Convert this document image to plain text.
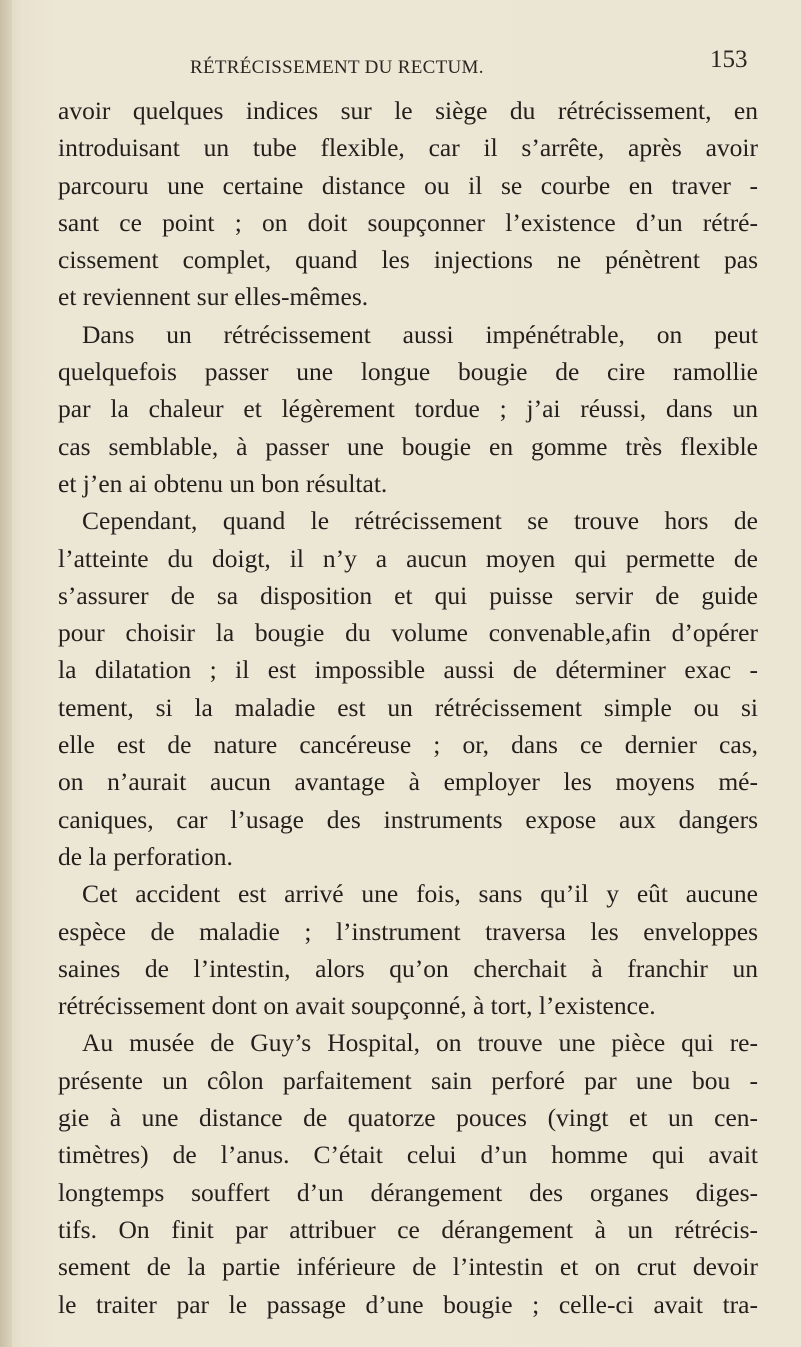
RÉTRÉCISSEMENT DU RECTUM.	153
avoir quelques indices sur le siège du rétrécissement, en
introduisant un tube flexible, car il s’arrête, après avoir
parcouru une certaine distance ou il se courbe en traver -
sant ce point ; on doit soupçonner l’existence d’un rétré-
cissement complet, quand les injections ne pénètrent pas
et reviennent sur elles-mêmes.
Dans un rétrécissement aussi impénétrable, on peut
quelquefois passer une longue bougie de cire ramollie
par la chaleur et légèrement tordue ; j’ai réussi, dans un
cas semblable, à passer une bougie en gomme très flexible
et j’en ai obtenu un bon résultat.
Cependant, quand le rétrécissement se trouve hors de
l’atteinte du doigt, il n’y a aucun moyen qui permette de
s’assurer de sa disposition et qui puisse servir de guide
pour choisir la bougie du volume convenable,afin d’opérer
la dilatation ; il est impossible aussi de déterminer exac -
tement, si la maladie est un rétrécissement simple ou si
elle est de nature cancéreuse ; or, dans ce dernier cas,
on n’aurait aucun avantage à employer les moyens mé-
caniques, car l’usage des instruments expose aux dangers
de la perforation.
Cet accident est arrivé une fois, sans qu’il y eût aucune
espèce de maladie ; l’instrument traversa les enveloppes
saines de l’intestin, alors qu’on cherchait à franchir un
rétrécissement dont on avait soupçonné, à tort, l’existence.
Au musée de Guy’s Hospital, on trouve une pièce qui re-
présente un côlon parfaitement sain perforé par une bou -
gie à une distance de quatorze pouces (vingt et un cen-
timètres) de l’anus. C’était celui d’un homme qui avait
longtemps souffert d’un dérangement des organes diges-
tifs. On finit par attribuer ce dérangement à un rétrécis-
sement de la partie inférieure de l’intestin et on crut devoir
le traiter par le passage d’une bougie ; celle-ci avait tra-
